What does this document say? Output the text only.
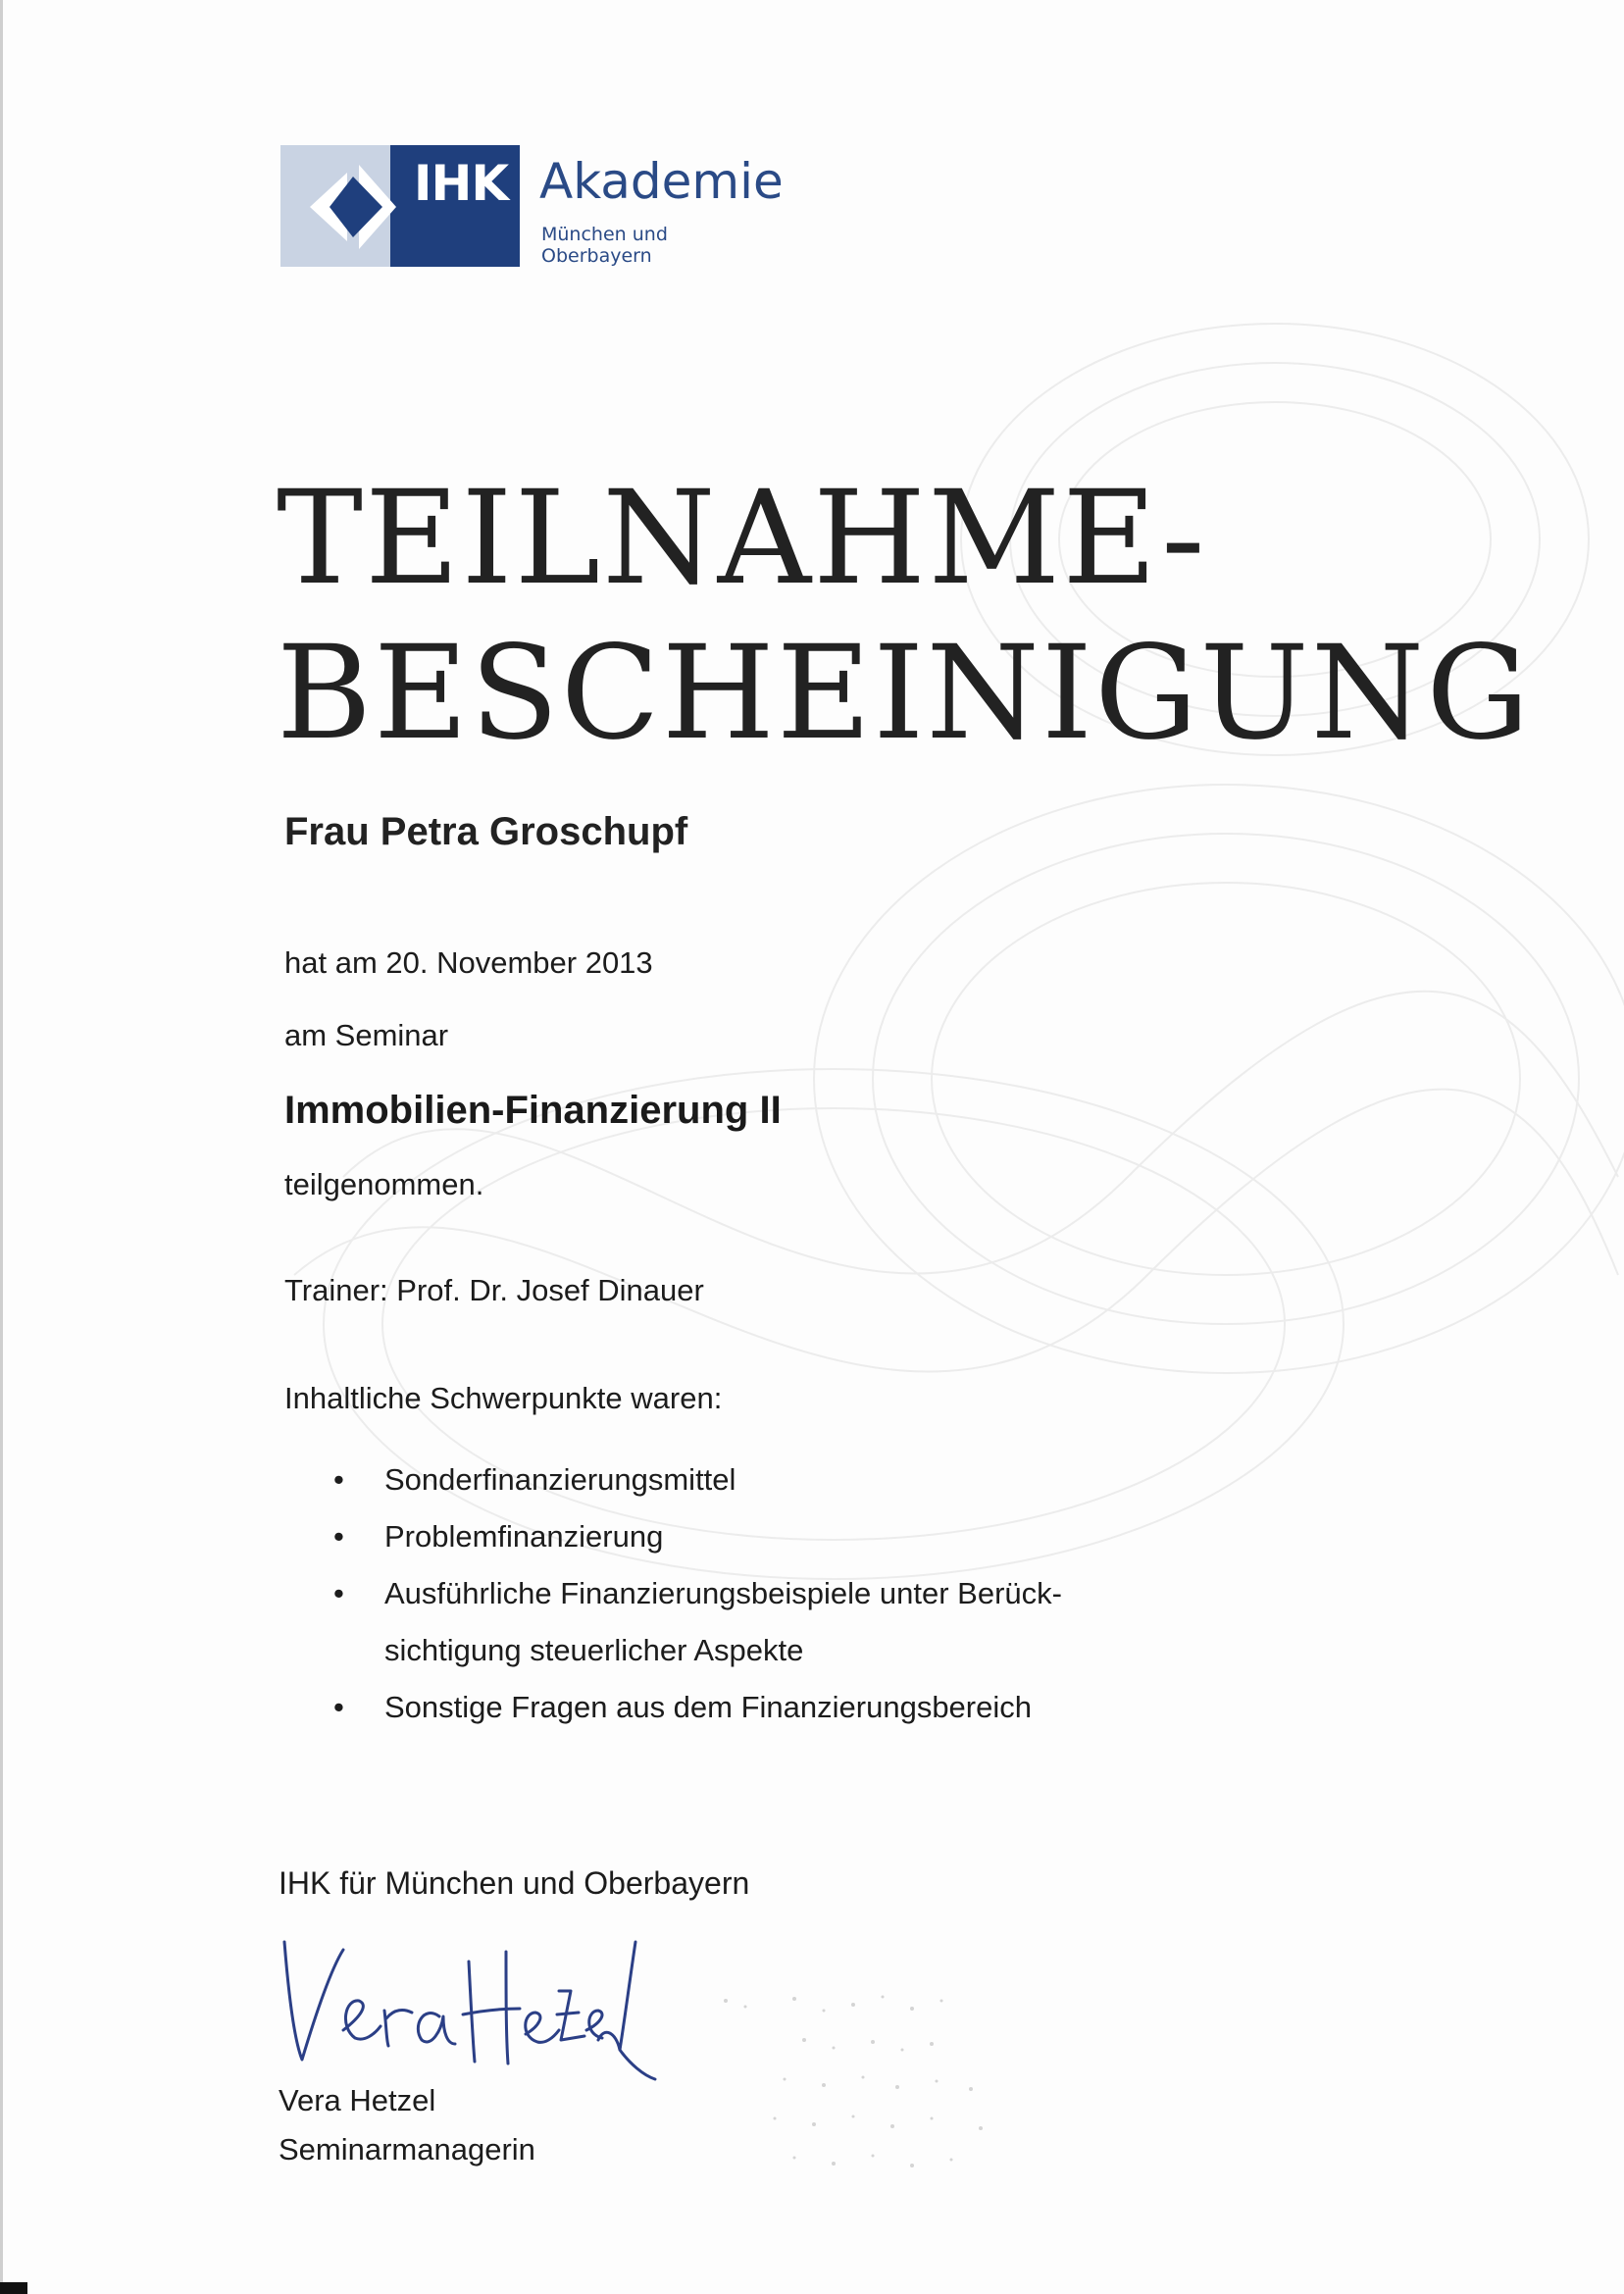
IHK Akademie
München und Oberbayern
TEILNAHME-
BESCHEINIGUNG
Frau Petra Groschupf
hat am 20. November 2013
am Seminar
Immobilien-Finanzierung II
teilgenommen.
Trainer: Prof. Dr. Josef Dinauer
Inhaltliche Schwerpunkte waren:
• Sonderfinanzierungsmittel
• Problemfinanzierung
• Ausführliche Finanzierungsbeispiele unter Berück-sichtigung steuerlicher Aspekte
• Sonstige Fragen aus dem Finanzierungsbereich
IHK für München und Oberbayern
Vera Hetzel
Seminarmanagerin
